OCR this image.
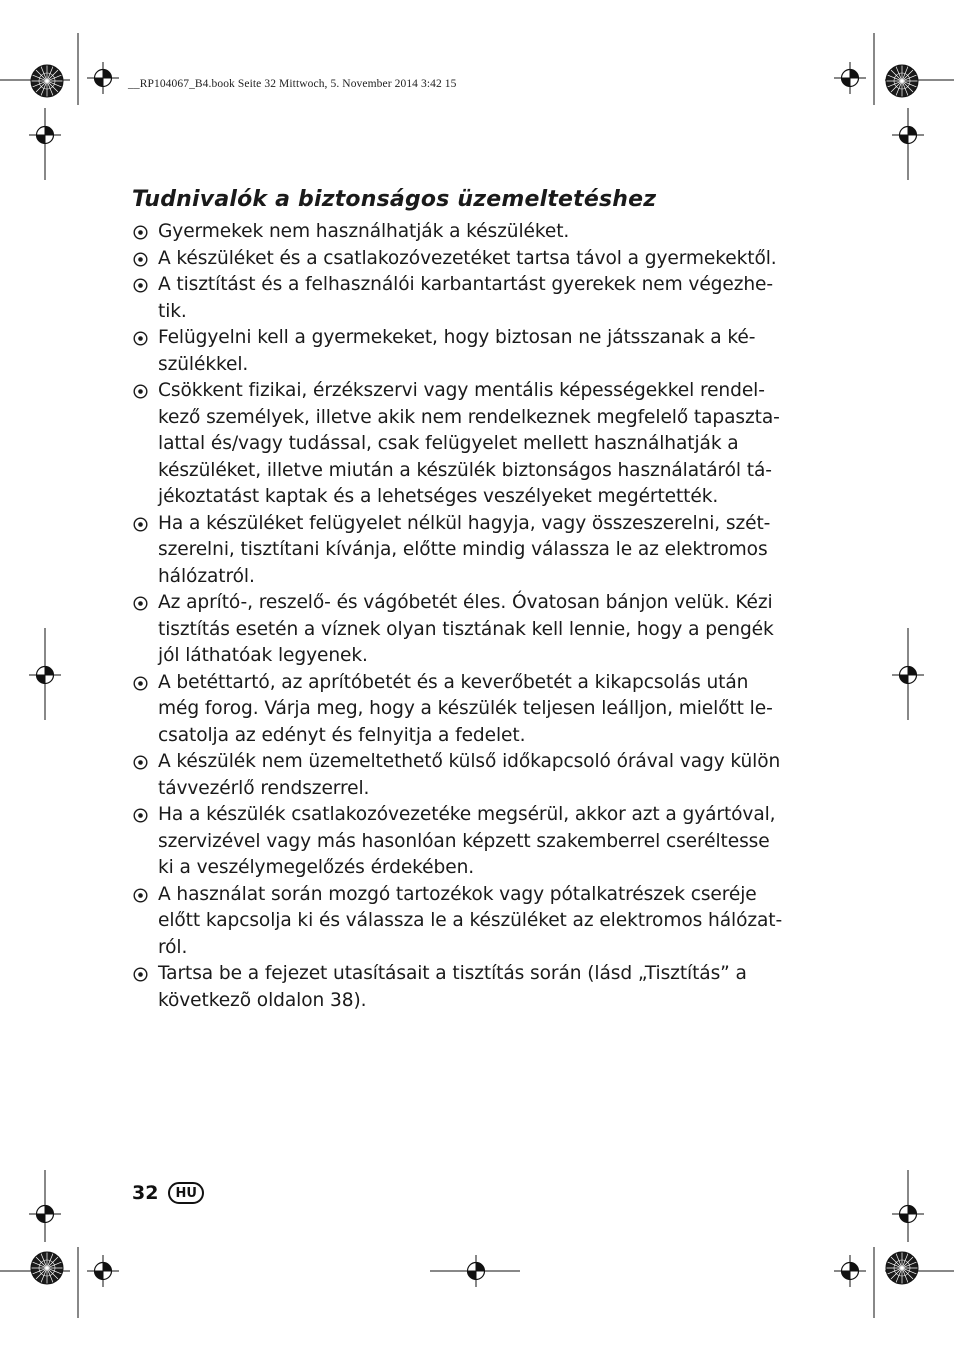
__RP104067_B4.book Seite 32 Mittwoch, 5. November 2014 3:42 15
Tudnivalók a biztonságos üzemeltetéshez
Gyermekek nem használhatják a készüléket.
A készüléket és a csatlakozóvezetéket tartsa távol a gyermekektől.
A tisztítást és a felhasználói karbantartást gyerekek nem végezhe-
tik.
Felügyelni kell a gyermekeket, hogy biztosan ne játsszanak a ké-
szülékkel.
Csökkent fizikai, érzékszervi vagy mentális képességekkel rendel-
kező személyek, illetve akik nem rendelkeznek megfelelő tapaszta-
lattal és/vagy tudással, csak felügyelet mellett használhatják a
készüléket, illetve miután a készülék biztonságos használatáról tá-
jékoztatást kaptak és a lehetséges veszélyeket megértették.
Ha a készüléket felügyelet nélkül hagyja, vagy összeszerelni, szét-
szerelni, tisztítani kívánja, előtte mindig válassza le az elektromos
hálózatról.
Az aprító-, reszelő- és vágóbetét éles. Óvatosan bánjon velük. Kézi
tisztítás esetén a víznek olyan tisztának kell lennie, hogy a pengék
jól láthatóak legyenek.
A betéttartó, az aprítóbetét és a keverőbetét a kikapcsolás után
még forog. Várja meg, hogy a készülék teljesen leálljon, mielőtt le-
csatolja az edényt és felnyitja a fedelet.
A készülék nem üzemeltethető külső időkapcsoló órával vagy külön
távvezérlő rendszerrel.
Ha a készülék csatlakozóvezetéke megsérül, akkor azt a gyártóval,
szervizével vagy más hasonlóan képzett szakemberrel cseréltesse
ki a veszélymegelőzés érdekében.
A használat során mozgó tartozékok vagy pótalkatrészek cseréje
előtt kapcsolja ki és válassza le a készüléket az elektromos hálózat-
ról.
Tartsa be a fejezet utasításait a tisztítás során (lásd „Tisztítás” a
következõ oldalon 38).
32	HU
